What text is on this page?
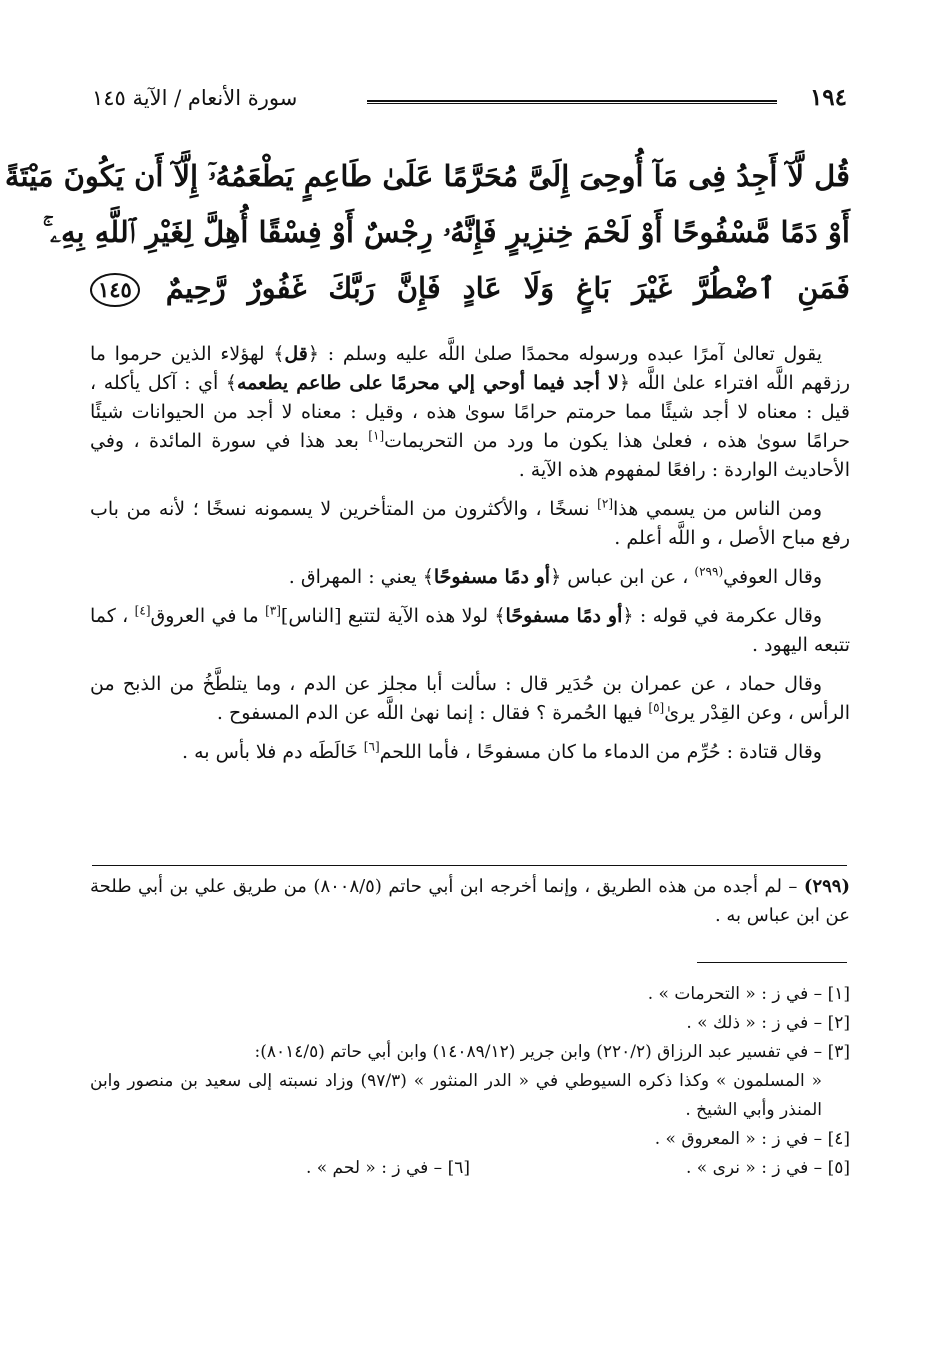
١٩٤
سورة الأنعام / الآية ١٤٥
قُل لَّآ أَجِدُ فِى مَآ أُوحِىَ إِلَىَّ مُحَرَّمًا عَلَىٰ طَاعِمٍ يَطْعَمُهُۥٓ إِلَّآ أَن يَكُونَ مَيْتَةً
أَوْ دَمًا مَّسْفُوحًا أَوْ لَحْمَ خِنزِيرٍ فَإِنَّهُۥ رِجْسٌ أَوْ فِسْقًا أُهِلَّ لِغَيْرِ ٱللَّهِ بِهِۦ ۚ
فَمَنِ ٱضْطُرَّ غَيْرَ بَاغٍ وَلَا عَادٍ فَإِنَّ رَبَّكَ غَفُورٌ رَّحِيمٌ ١٤٥

يقول تعالىٰ آمرًا عبده ورسوله محمدًا صلىٰ اللَّه عليه وسلم : ﴿قل﴾ لهؤلاء الذين حرموا ما رزقهم اللَّه افتراء علىٰ اللَّه ﴿لا أجد فيما أوحي إلي محرمًا على طاعم يطعمه﴾ أي : آكل يأكله ، قيل : معناه لا أجد شيئًا مما حرمتم حرامًا سوىٰ هذه ، وقيل : معناه لا أجد من الحيوانات شيئًا حرامًا سوىٰ هذه ، فعلىٰ هذا يكون ما ورد من التحريمات[١] بعد هذا في سورة المائدة ، وفي الأحاديث الواردة : رافعًا لمفهوم هذه الآية .

ومن الناس من يسمي هذا[٢] نسخًا ، والأكثرون من المتأخرين لا يسمونه نسخًا ؛ لأنه من باب رفع مباح الأصل ، و اللَّه أعلم .

وقال العوفي$^{(٢٩٩)}$ ، عن ابن عباس ﴿أو دمًا مسفوحًا﴾ يعني : المهراق .

وقال عكرمة في قوله : ﴿أو دمًا مسفوحًا﴾ لولا هذه الآية لتتبع [الناس][٣] ما في العروق[٤] ، كما تتبعه اليهود .

وقال حماد ، عن عمران بن حُدَير قال : سألت أبا مجلز عن الدم ، وما يتلطَّخُ من الذبح من الرأس ، وعن القِدْر يرىٰ[٥] فيها الحُمرة ؟ فقال : إنما نهىٰ اللَّه عن الدم المسفوح .

وقال قتادة : حُرِّم من الدماء ما كان مسفوحًا ، فأما اللحم[٦] خَالَطَه دم فلا بأس به .

(٢٩٩) – لم أجده من هذه الطريق ، وإنما أخرجه ابن أبي حاتم (٨٠٠٨/٥) من طريق علي بن أبي طلحة عن ابن عباس به .

[١] – في ز : « التحرمات » .

[٢] – في ز : « ذلك » .

[٣] – في تفسير عبد الرزاق (٢٢٠/٢) وابن جرير (١٤٠٨٩/١٢) وابن أبي حاتم (٨٠١٤/٥):

« المسلمون » وكذا ذكره السيوطي في « الدر المنثور » (٩٧/٣) وزاد نسبته إلى سعيد بن منصور وابن المنذر وأبي الشيخ .

[٤] – في ز : « المعروق » .

[٥] – في ز : « نرى » .
[٦] – في ز : « لحم » .
